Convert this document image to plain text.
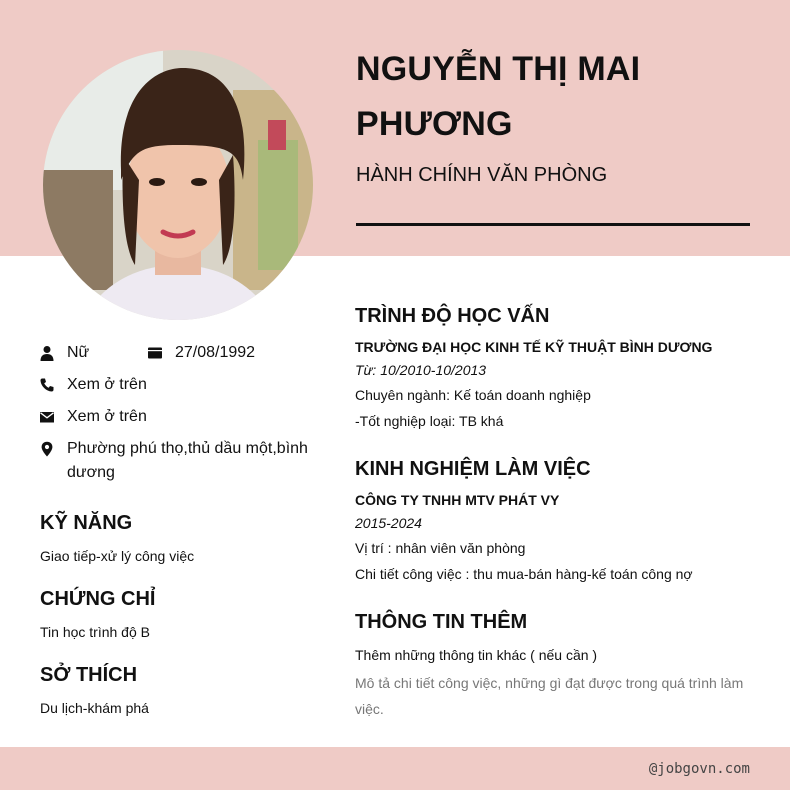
NGUYỄN THỊ MAI PHƯƠNG
HÀNH CHÍNH VĂN PHÒNG
Nữ	27/08/1992
Xem ở trên
Xem ở trên
Phường phú thọ,thủ dầu một,bình dương
KỸ NĂNG
Giao tiếp-xử lý công việc
CHỨNG CHỈ
Tin học trình độ B
SỞ THÍCH
Du lịch-khám phá
TRÌNH ĐỘ HỌC VẤN
TRƯỜNG ĐẠI HỌC KINH TẾ KỸ THUẬT BÌNH DƯƠNG
Từ: 10/2010-10/2013
Chuyên ngành: Kế toán doanh nghiệp
-Tốt nghiệp loại: TB khá
KINH NGHIỆM LÀM VIỆC
CÔNG TY TNHH MTV PHÁT VY
2015-2024
Vị trí : nhân viên văn phòng
Chi tiết công việc : thu mua-bán hàng-kế toán công nợ
THÔNG TIN THÊM
Thêm những thông tin khác ( nếu cần )
Mô tả chi tiết công việc, những gì đạt được trong quá trình làm việc.
@jobgovn.com
